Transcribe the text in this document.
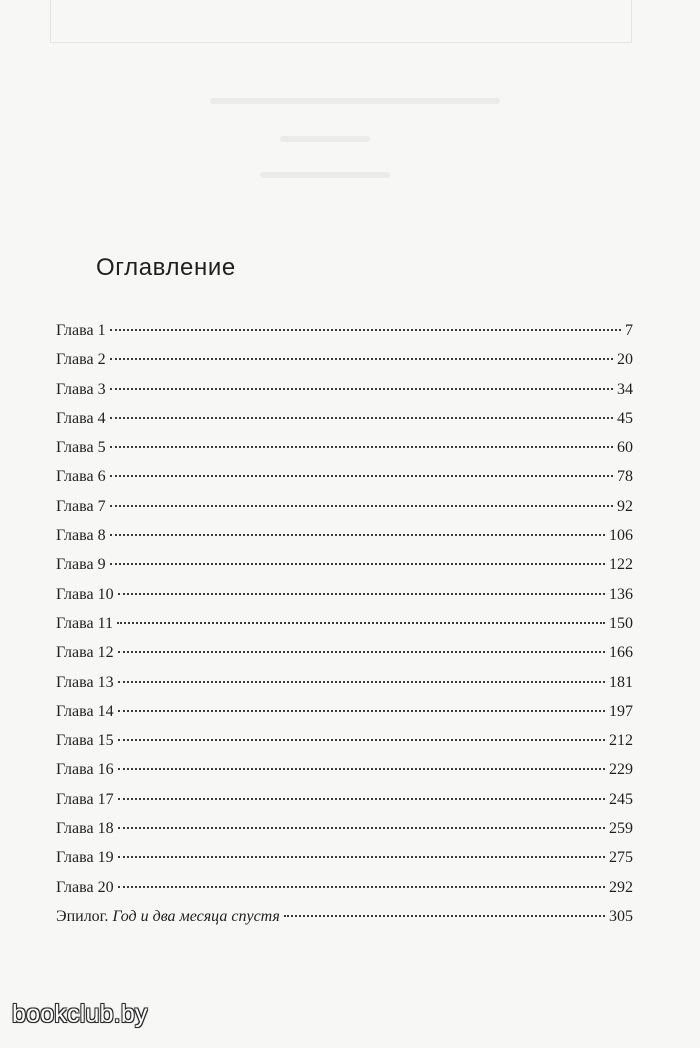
Оглавление
Глава 1	7
Глава 2	20
Глава 3	34
Глава 4	45
Глава 5	60
Глава 6	78
Глава 7	92
Глава 8	106
Глава 9	122
Глава 10	136
Глава 11	150
Глава 12	166
Глава 13	181
Глава 14	197
Глава 15	212
Глава 16	229
Глава 17	245
Глава 18	259
Глава 19	275
Глава 20	292
Эпилог. Год и два месяца спустя	305
bookclub.by
